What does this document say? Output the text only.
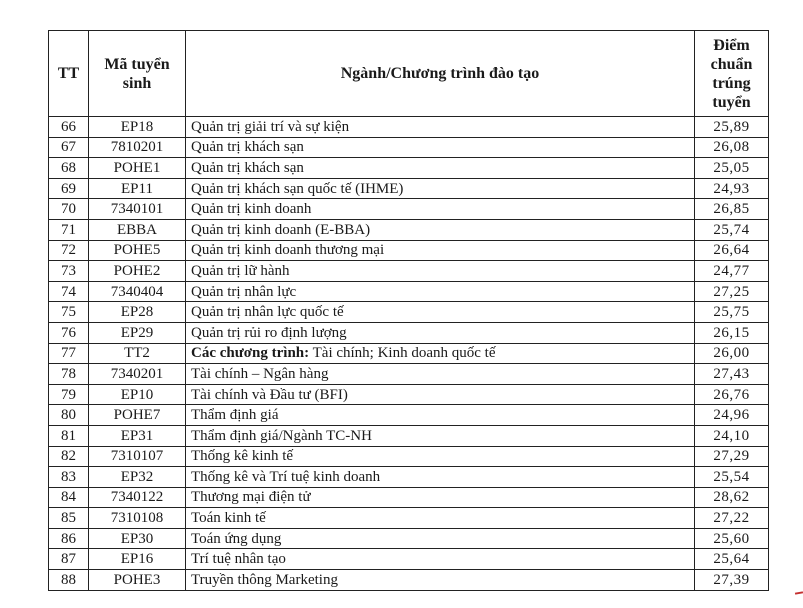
TT	Mã tuyển sinh	Ngành/Chương trình đào tạo	Điểm chuẩn trúng tuyển
66	EP18	Quản trị giải trí và sự kiện	25,89
67	7810201	Quản trị khách sạn	26,08
68	POHE1	Quản trị khách sạn	25,05
69	EP11	Quản trị khách sạn quốc tế (IHME)	24,93
70	7340101	Quản trị kinh doanh	26,85
71	EBBA	Quản trị kinh doanh (E-BBA)	25,74
72	POHE5	Quản trị kinh doanh thương mại	26,64
73	POHE2	Quản trị lữ hành	24,77
74	7340404	Quản trị nhân lực	27,25
75	EP28	Quản trị nhân lực quốc tế	25,75
76	EP29	Quản trị rủi ro định lượng	26,15
77	TT2	Các chương trình: Tài chính; Kinh doanh quốc tế	26,00
78	7340201	Tài chính – Ngân hàng	27,43
79	EP10	Tài chính và Đầu tư (BFI)	26,76
80	POHE7	Thẩm định giá	24,96
81	EP31	Thẩm định giá/Ngành TC-NH	24,10
82	7310107	Thống kê kinh tế	27,29
83	EP32	Thống kê và Trí tuệ kinh doanh	25,54
84	7340122	Thương mại điện tử	28,62
85	7310108	Toán kinh tế	27,22
86	EP30	Toán ứng dụng	25,60
87	EP16	Trí tuệ nhân tạo	25,64
88	POHE3	Truyền thông Marketing	27,39
